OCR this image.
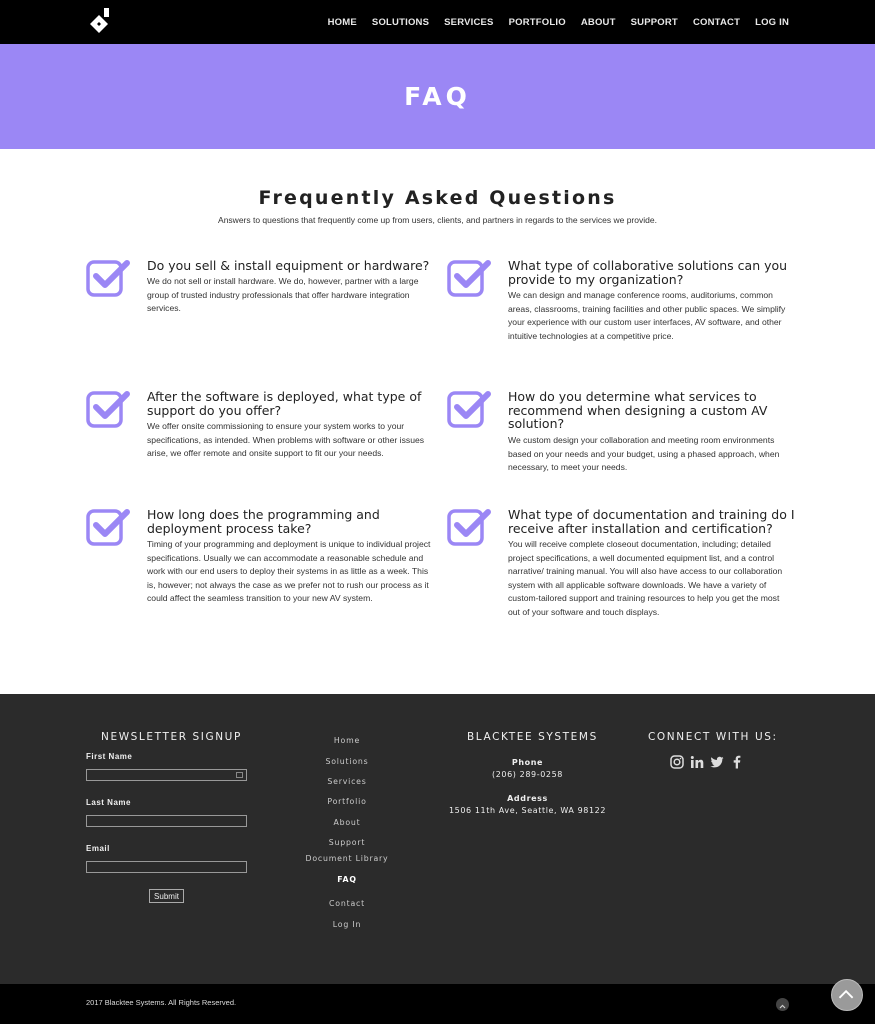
HOME SOLUTIONS SERVICES PORTFOLIO ABOUT SUPPORT CONTACT LOG IN
FAQ
Frequently Asked Questions

Answers to questions that frequently come up from users, clients, and partners in regards to the services we provide.

Do you sell & install equipment or hardware?
We do not sell or install hardware. We do, however, partner with a large group of trusted industry professionals that offer hardware integration services.
What type of collaborative solutions can you provide to my organization?
We can design and manage conference rooms, auditoriums, common areas, classrooms, training facilities and other public spaces. We simplify your experience with our custom user interfaces, AV software, and other intuitive technologies at a competitive price.
After the software is deployed, what type of support do you offer?
We offer onsite commissioning to ensure your system works to your specifications, as intended. When problems with software or other issues arise, we offer remote and onsite support to fit our your needs.
How do you determine what services to recommend when designing a custom AV solution?
We custom design your collaboration and meeting room environments based on your needs and your budget, using a phased approach, when necessary, to meet your needs.
How long does the programming and deployment process take?
Timing of your programming and deployment is unique to individual project specifications. Usually we can accommodate a reasonable schedule and work with our end users to deploy their systems in as little as a week. This is, however; not always the case as we prefer not to rush our process as it could affect the seamless transition to your new AV system.
What type of documentation and training do I receive after installation and certification?
You will receive complete closeout documentation, including; detailed project specifications, a well documented equipment list, and a control narrative/ training manual. You will also have access to our collaboration system with all applicable software downloads. We have a variety of custom-tailored support and training resources to help you get the most out of your software and touch displays.
NEWSLETTER SIGNUP
First Name
Last Name
Email
Submit
Home
Solutions
Services
Portfolio
About
Support
Document Library
FAQ
Contact
Log In
BLACKTEE SYSTEMS
Phone
(206) 289-0258
Address
1506 11th Ave, Seattle, WA 98122
CONNECT WITH US:
2017 Blacktee Systems. All Rights Reserved.
